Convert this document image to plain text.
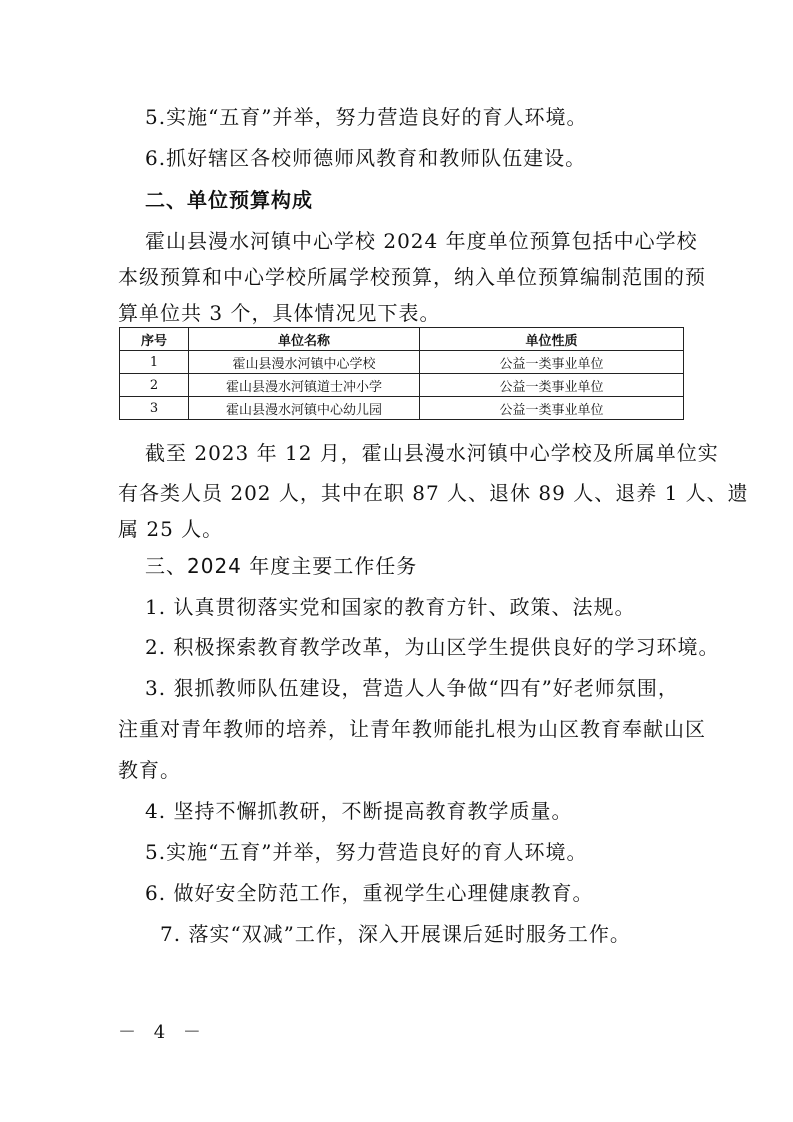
5.实施“五育”并举，努力营造良好的育人环境。
6.抓好辖区各校师德师风教育和教师队伍建设。
二、单位预算构成
霍山县漫水河镇中心学校 2024 年度单位预算包括中心学校
本级预算和中心学校所属学校预算，纳入单位预算编制范围的预
算单位共 3 个，具体情况见下表。
序号	单位名称	单位性质
1	霍山县漫水河镇中心学校	公益一类事业单位
2	霍山县漫水河镇道士冲小学	公益一类事业单位
3	霍山县漫水河镇中心幼儿园	公益一类事业单位
截至 2023 年 12 月，霍山县漫水河镇中心学校及所属单位实
有各类人员 202 人，其中在职 87 人、退休 89 人、退养 1 人、遗
属 25 人。
三、2024 年度主要工作任务
1. 认真贯彻落实党和国家的教育方针、政策、法规。
2. 积极探索教育教学改革，为山区学生提供良好的学习环境。
3. 狠抓教师队伍建设，营造人人争做“四有”好老师氛围，
注重对青年教师的培养，让青年教师能扎根为山区教育奉献山区
教育。
4. 坚持不懈抓教研，不断提高教育教学质量。
5.实施“五育”并举，努力营造良好的育人环境。
6. 做好安全防范工作，重视学生心理健康教育。
7. 落实“双减”工作，深入开展课后延时服务工作。
－ 4 －
